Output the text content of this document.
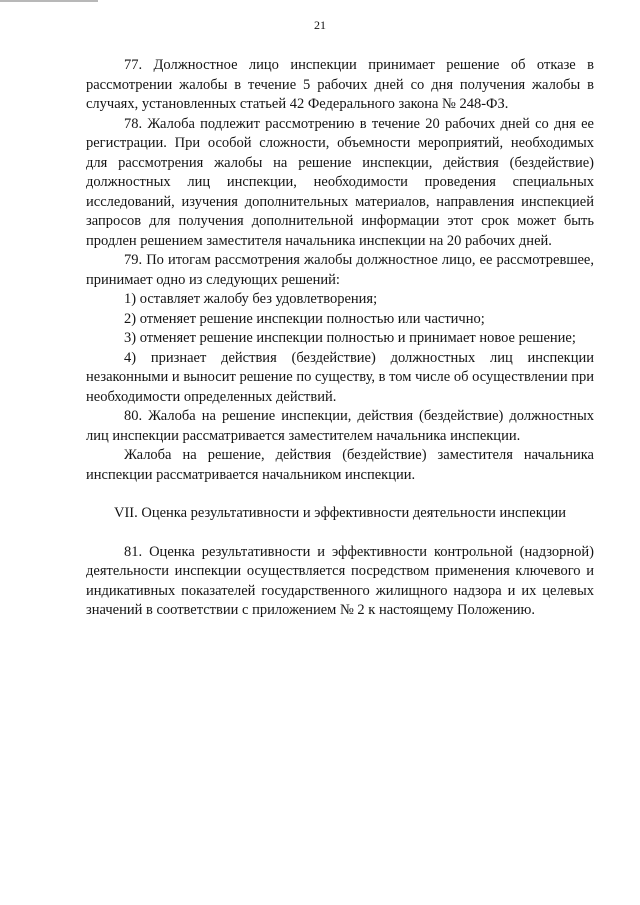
21

77. Должностное лицо инспекции принимает решение об отказе в рассмотрении жалобы в течение 5 рабочих дней со дня получения жалобы в случаях, установленных статьей 42 Федерального закона № 248-ФЗ.

78. Жалоба подлежит рассмотрению в течение 20 рабочих дней со дня ее регистрации. При особой сложности, объемности мероприятий, необходимых для рассмотрения жалобы на решение инспекции, действия (бездействие) должностных лиц инспекции, необходимости проведения специальных исследований, изучения дополнительных материалов, направления инспекцией запросов для получения дополнительной информации этот срок может быть продлен решением заместителя начальника инспекции на 20 рабочих дней.

79. По итогам рассмотрения жалобы должностное лицо, ее рассмотревшее, принимает одно из следующих решений:

1) оставляет жалобу без удовлетворения;

2) отменяет решение инспекции полностью или частично;

3) отменяет решение инспекции полностью и принимает новое решение;

4) признает действия (бездействие) должностных лиц инспекции незаконными и выносит решение по существу, в том числе об осуществлении при необходимости определенных действий.

80. Жалоба на решение инспекции, действия (бездействие) должностных лиц инспекции рассматривается заместителем начальника инспекции.

Жалоба на решение, действия (бездействие) заместителя начальника инспекции рассматривается начальником инспекции.

VII. Оценка результативности и эффективности деятельности инспекции

81. Оценка результативности и эффективности контрольной (надзорной) деятельности инспекции осуществляется посредством применения ключевого и индикативных показателей государственного жилищного надзора и их целевых значений в соответствии с приложением № 2 к настоящему Положению.
